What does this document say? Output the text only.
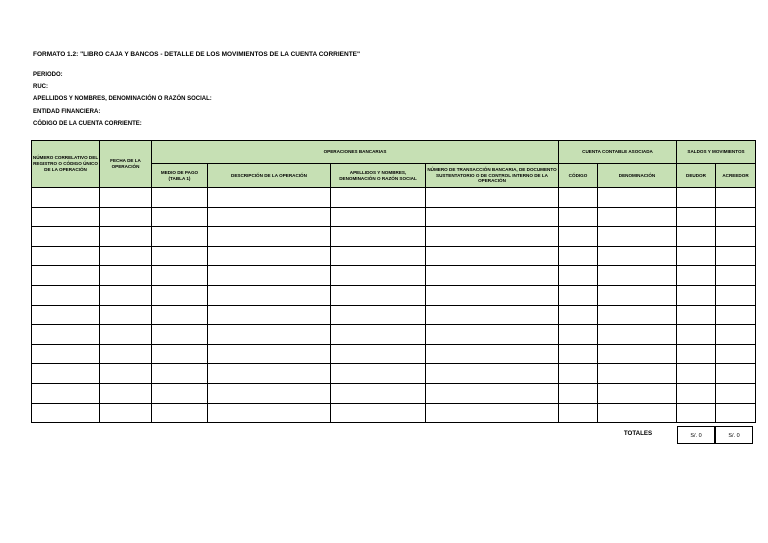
FORMATO 1.2: "LIBRO CAJA Y BANCOS - DETALLE DE LOS MOVIMIENTOS DE LA CUENTA CORRIENTE"
PERIODO:
RUC:
APELLIDOS Y NOMBRES, DENOMINACIÓN O RAZÓN SOCIAL:
ENTIDAD FINANCIERA:
CÓDIGO DE LA CUENTA CORRIENTE:
NÚMERO CORRELATIVO DEL REGISTRO O CÓDIGO ÚNICO DE LA OPERACIÓN	FECHA DE LA OPERACIÓN	OPERACIONES BANCARIAS				CUENTA CONTABLE ASOCIADA		SALDOS Y MOVIMIENTOS	
		MEDIO DE PAGO (TABLA 1)	DESCRIPCIÓN DE LA OPERACIÓN	APELLIDOS Y NOMBRES, DENOMINACIÓN O RAZÓN SOCIAL	NÚMERO DE TRANSACCIÓN BANCARIA, DE DOCUMENTO SUSTENTATORIO O DE CONTROL INTERNO DE LA OPERACIÓN	CÓDIGO	DENOMINACIÓN	DEUDOR	ACREEDOR

TOTALES	S/. 0	S/. 0
